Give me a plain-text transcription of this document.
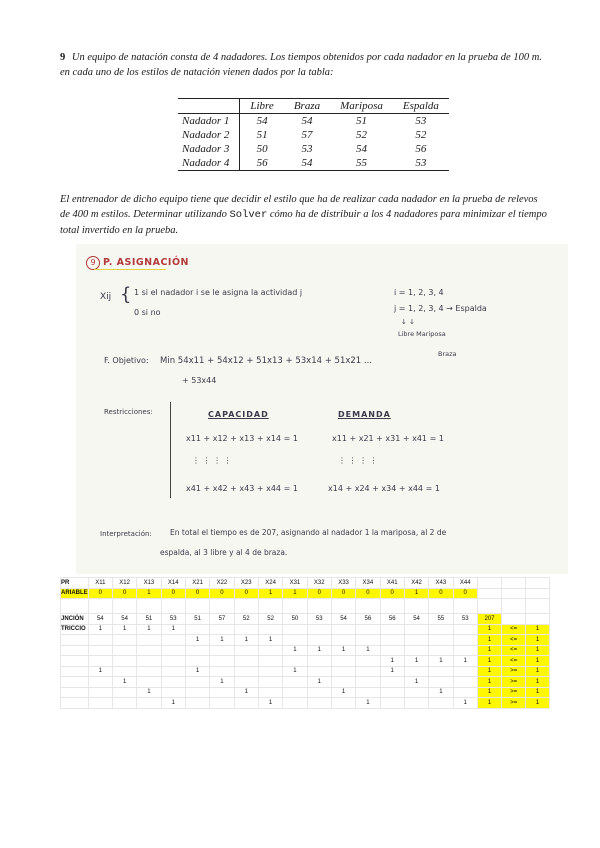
9 Un equipo de natación consta de 4 nadadores. Los tiempos obtenidos por cada nadador en la prueba de 100 m. en cada uno de los estilos de natación vienen dados por la tabla:
	Libre	Braza	Mariposa	Espalda
Nadador 1	54	54	51	53
Nadador 2	51	57	52	52
Nadador 3	50	53	54	56
Nadador 4	56	54	55	53
El entrenador de dicho equipo tiene que decidir el estilo que ha de realizar cada nadador en la prueba de relevos de 400 m estilos. Determinar utilizando Solver cómo ha de distribuir a los 4 nadadores para minimizar el tiempo total invertido en la prueba.
9 P. ASIGNACIÓN
Xij { 1 si el nadador i se le asigna la actividad j
0 si no
i = 1, 2, 3, 4
j = 1, 2, 3, 4 → Espalda
↓ ↓
Libre Mariposa
Braza
F. Objetivo: Min 54x11 + 54x12 + 51x13 + 53x14 + 51x21 ...
+ 53x44
Restricciones:	CAPACIDAD	DEMANDA
x11 + x12 + x13 + x14 = 1
⋮ ⋮ ⋮ ⋮
x41 + x42 + x43 + x44 = 1
x11 + x21 + x31 + x41 = 1
⋮ ⋮ ⋮ ⋮
x14 + x24 + x34 + x44 = 1
Interpretación: En total el tiempo es de 207, asignando al nadador 1 la mariposa, al 2 de
espalda, al 3 libre y al 4 de braza.
PR	X11	X12	X13	X14	X21	X22	X23	X24	X31	X32	X33	X34	X41	X42	X43	X44			
ARIABLE	0	0	1	0	0	0	0	1	1	0	0	0	0	1	0	0			

JNCIÓN	54	54	51	53	51	57	52	52	50	53	54	56	56	54	55	53	207		
TRICCIO	1	1	1	1													1	<=	1
					1	1	1	1									1	<=	1
									1	1	1	1					1	<=	1
													1	1	1	1	1	<=	1
	1				1				1				1				1	>=	1
		1				1				1				1			1	>=	1
			1				1				1				1		1	>=	1
				1				1				1				1	1	>=	1
